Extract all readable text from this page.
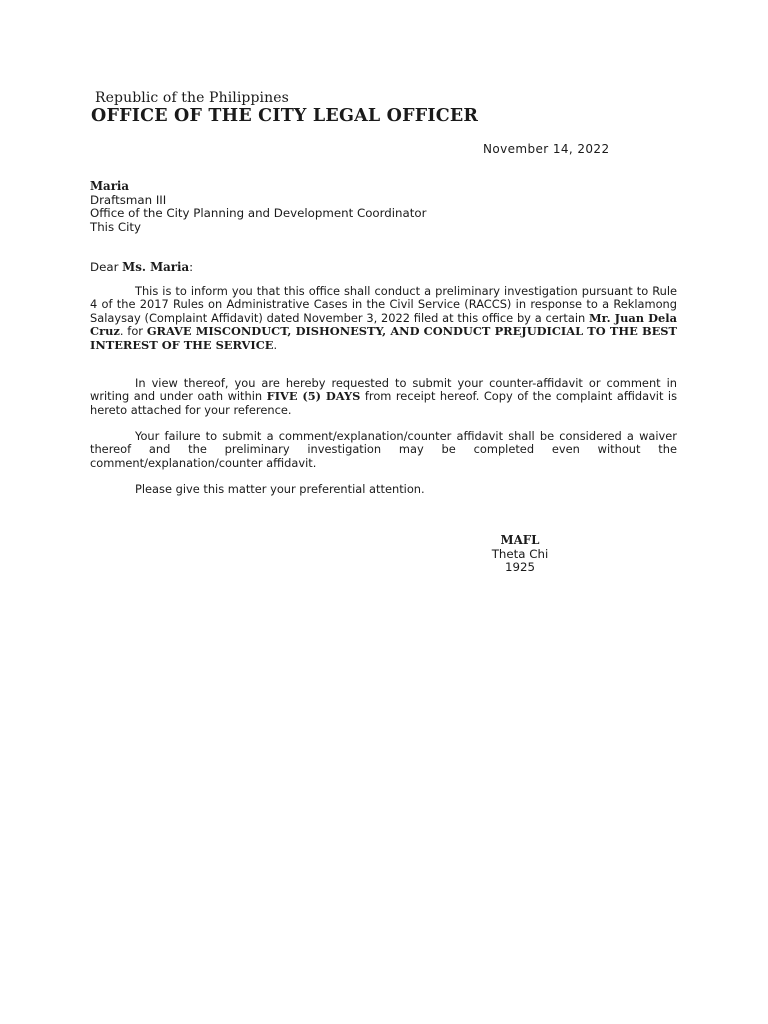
Republic of the Philippines
OFFICE OF THE CITY LEGAL OFFICER
November 14, 2022
Maria
Draftsman III
Office of the City Planning and Development Coordinator
This City
Dear Ms. Maria:
This is to inform you that this office shall conduct a preliminary investigation pursuant to Rule 4 of the 2017 Rules on Administrative Cases in the Civil Service (RACCS) in response to a Reklamong Salaysay (Complaint Affidavit) dated November 3, 2022 filed at this office by a certain Mr. Juan Dela Cruz. for GRAVE MISCONDUCT, DISHONESTY, AND CONDUCT PREJUDICIAL TO THE BEST INTEREST OF THE SERVICE.
In view thereof, you are hereby requested to submit your counter-affidavit or comment in writing and under oath within FIVE (5) DAYS from receipt hereof. Copy of the complaint affidavit is hereto attached for your reference.
Your failure to submit a comment/explanation/counter affidavit shall be considered a waiver thereof and the preliminary investigation may be completed even without the comment/explanation/counter affidavit.
Please give this matter your preferential attention.
MAFL
Theta Chi
1925
